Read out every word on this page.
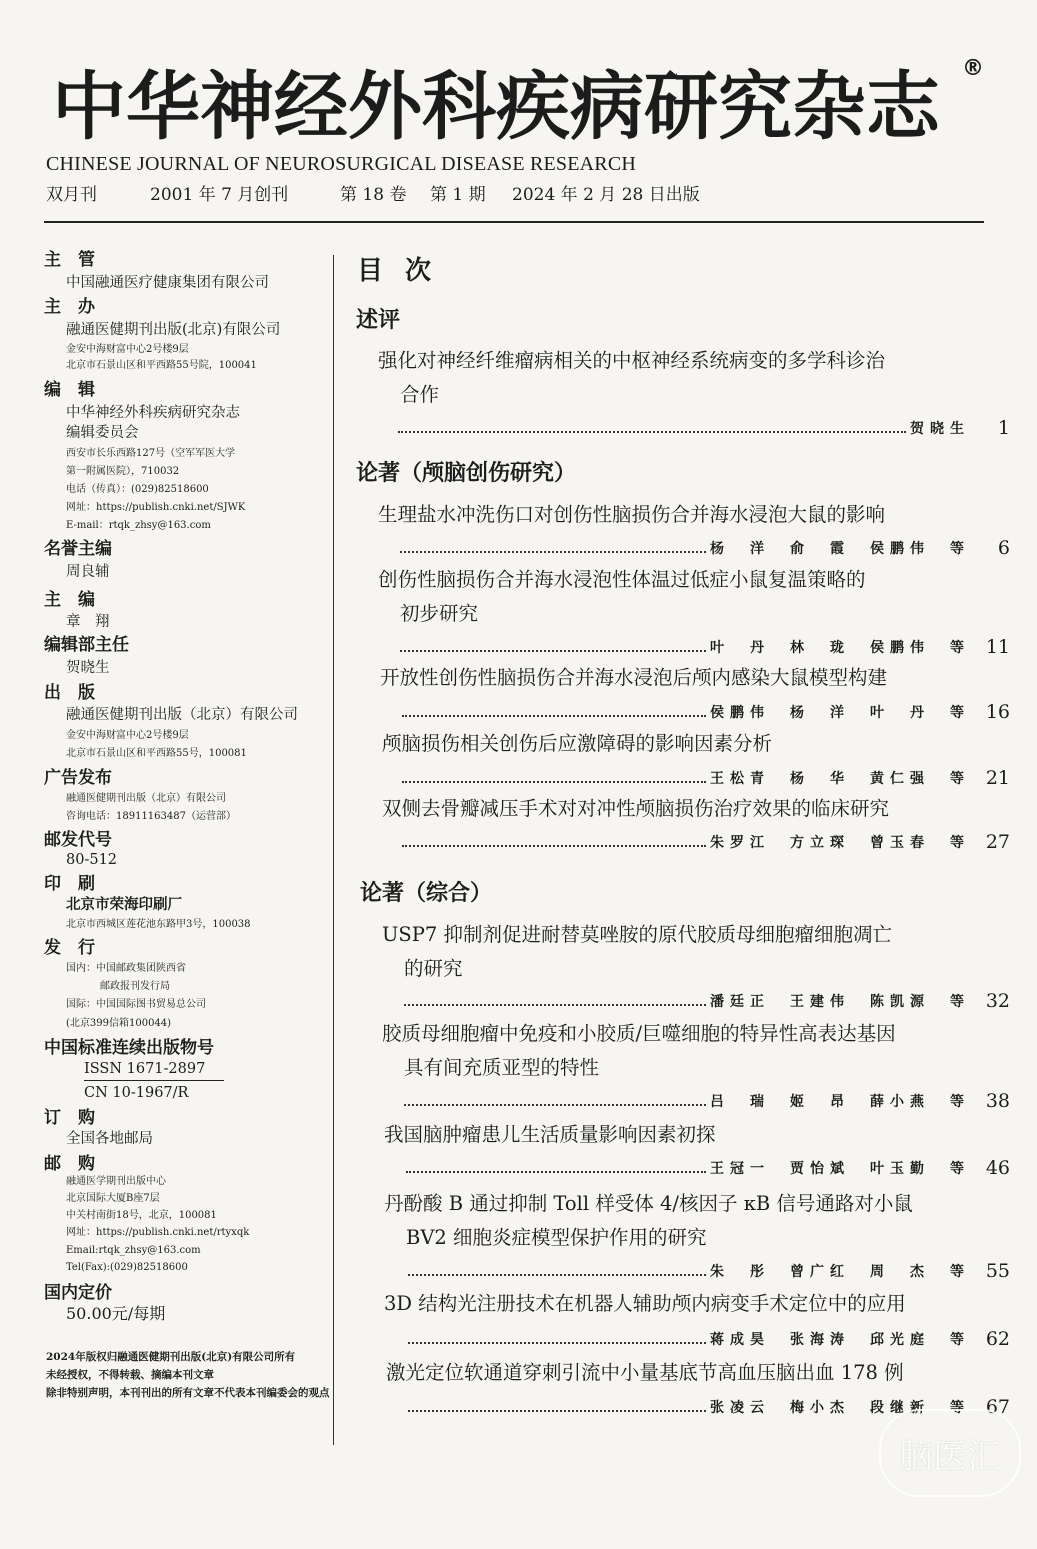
中华神经外科疾病研究杂志	®
CHINESE JOURNAL OF NEUROSURGICAL DISEASE RESEARCH
双月刊	2001 年 7 月创刊	第 18 卷 第 1 期 2024 年 2 月 28 日出版
主　管
中国融通医疗健康集团有限公司
主　办
融通医健期刊出版(北京)有限公司
金安中海财富中心2号楼9层
北京市石景山区和平西路55号院，100041
编　辑
中华神经外科疾病研究杂志
编辑委员会
西安市长乐西路127号（空军军医大学
第一附属医院），710032
电话（传真）：(029)82518600
网址：https://publish.cnki.net/SJWK
E-mail：rtqk_zhsy@163.com
名誉主编
周良辅
主　编
章　翔
编辑部主任
贺晓生
出　版
融通医健期刊出版（北京）有限公司
金安中海财富中心2号楼9层
北京市石景山区和平西路55号，100081
广告发布
融通医健期刊出版（北京）有限公司
咨询电话：18911163487（运营部）
邮发代号
80-512
印　刷
北京市荣海印刷厂
北京市西城区莲花池东路甲3号，100038
发　行
国内：中国邮政集团陕西省
邮政报刊发行局
国际：中国国际图书贸易总公司
(北京399信箱100044)
中国标准连续出版物号
ISSN 1671-2897
CN 10-1967/R
订　购
全国各地邮局
邮　购
融通医学期刊出版中心
北京国际大厦B座7层
中关村南街18号，北京，100081
网址：https://publish.cnki.net/rtyxqk
Email:rtqk_zhsy@163.com
Tel(Fax):(029)82518600
国内定价
50.00元/每期
2024年版权归融通医健期刊出版(北京)有限公司所有
未经授权，不得转载、摘编本刊文章
除非特别声明，本刊刊出的所有文章不代表本刊编委会的观点
目次
述评
强化对神经纤维瘤病相关的中枢神经系统病变的多学科诊治
合作
贺晓生	1
论著（颅脑创伤研究）
生理盐水冲洗伤口对创伤性脑损伤合并海水浸泡大鼠的影响
杨　洋　俞　霞　侯鹏伟　等	6
创伤性脑损伤合并海水浸泡性体温过低症小鼠复温策略的
初步研究
叶　丹　林　珑　侯鹏伟　等 11
开放性创伤性脑损伤合并海水浸泡后颅内感染大鼠模型构建
侯鹏伟　杨　洋　叶　丹　等 16
颅脑损伤相关创伤后应激障碍的影响因素分析
王松青　杨　华　黄仁强　等 21
双侧去骨瓣减压手术对对冲性颅脑损伤治疗效果的临床研究
朱罗江　方立琛　曾玉春　等 27
论著（综合）
USP7 抑制剂促进耐替莫唑胺的原代胶质母细胞瘤细胞凋亡
的研究
潘廷正　王建伟　陈凯源　等 32
胶质母细胞瘤中免疫和小胶质/巨噬细胞的特异性高表达基因
具有间充质亚型的特性
吕　瑞　姬　昂　薛小燕　等 38
我国脑肿瘤患儿生活质量影响因素初探
王冠一　贾怡斌　叶玉勤　等 46
丹酚酸 B 通过抑制 Toll 样受体 4/核因子 κB 信号通路对小鼠
BV2 细胞炎症模型保护作用的研究
朱　彤　曾广红　周　杰　等 55
3D 结构光注册技术在机器人辅助颅内病变手术定位中的应用
蒋成昊　张海涛　邱光庭　等 62
激光定位软通道穿刺引流中小量基底节高血压脑出血 178 例
张凌云　梅小杰　段继新　等 67
脑医汇
